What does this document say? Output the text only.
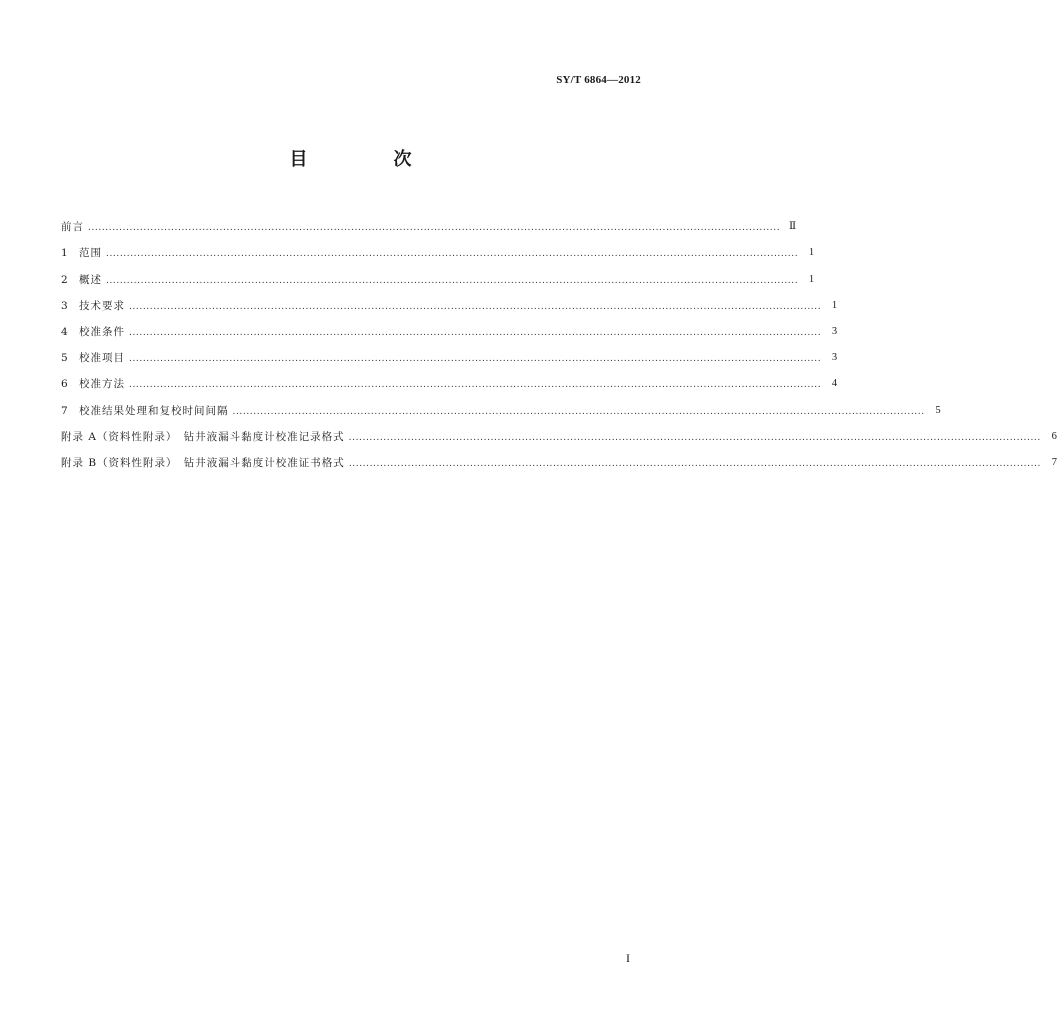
SY/T 6864—2012
目　次
前言 ........................................................................................................................................................................................................ Ⅱ
1	范围 ........................................................................................................................................................................................................	1
2	概述 ........................................................................................................................................................................................................	1
3	技术要求 ........................................................................................................................................................................................................	1
4	校准条件 ........................................................................................................................................................................................................	3
5	校准项目 ........................................................................................................................................................................................................	3
6	校准方法 ........................................................................................................................................................................................................	4
7	校准结果处理和复校时间间隔 ........................................................................................................................................................................................................	5
附录 A（资料性附录）　钻井液漏斗黏度计校准记录格式 ........................................................................................................................................................................................................	6
附录 B（资料性附录）　钻井液漏斗黏度计校准证书格式 ........................................................................................................................................................................................................	7
I
